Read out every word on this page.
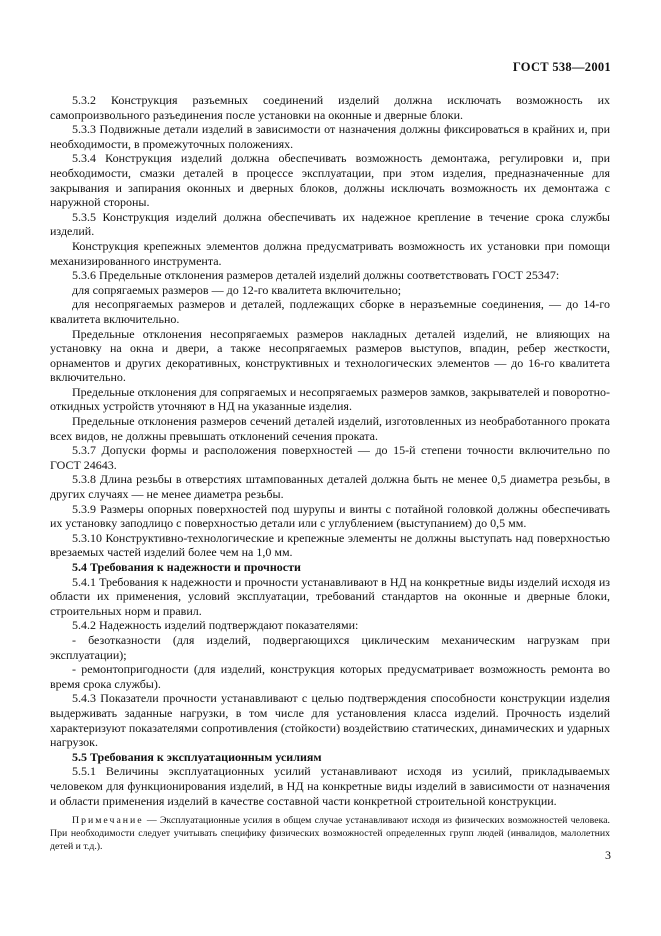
ГОСТ 538—2001

5.3.2 Конструкция разъемных соединений изделий должна исключать возможность их самопроизвольного разъединения после установки на оконные и дверные блоки.

5.3.3 Подвижные детали изделий в зависимости от назначения должны фиксироваться в крайних и, при необходимости, в промежуточных положениях.

5.3.4 Конструкция изделий должна обеспечивать возможность демонтажа, регулировки и, при необходимости, смазки деталей в процессе эксплуатации, при этом изделия, предназначенные для закрывания и запирания оконных и дверных блоков, должны исключать возможность их демонтажа с наружной стороны.

5.3.5 Конструкция изделий должна обеспечивать их надежное крепление в течение срока службы изделий.

Конструкция крепежных элементов должна предусматривать возможность их установки при помощи механизированного инструмента.

5.3.6 Предельные отклонения размеров деталей изделий должны соответствовать ГОСТ 25347:

для сопрягаемых размеров — до 12-го квалитета включительно;

для несопрягаемых размеров и деталей, подлежащих сборке в неразъемные соединения, — до 14-го квалитета включительно.

Предельные отклонения несопрягаемых размеров накладных деталей изделий, не влияющих на установку на окна и двери, а также несопрягаемых размеров выступов, впадин, ребер жесткости, орнаментов и других декоративных, конструктивных и технологических элементов — до 16-го квалитета включительно.

Предельные отклонения для сопрягаемых и несопрягаемых размеров замков, закрывателей и поворотно-откидных устройств уточняют в НД на указанные изделия.

Предельные отклонения размеров сечений деталей изделий, изготовленных из необработанного проката всех видов, не должны превышать отклонений сечения проката.

5.3.7 Допуски формы и расположения поверхностей — до 15-й степени точности включительно по ГОСТ 24643.

5.3.8 Длина резьбы в отверстиях штампованных деталей должна быть не менее 0,5 диаметра резьбы, в других случаях — не менее диаметра резьбы.

5.3.9 Размеры опорных поверхностей под шурупы и винты с потайной головкой должны обеспечивать их установку заподлицо с поверхностью детали или с углублением (выступанием) до 0,5 мм.

5.3.10 Конструктивно-технологические и крепежные элементы не должны выступать над поверхностью врезаемых частей изделий более чем на 1,0 мм.

5.4 Требования к надежности и прочности

5.4.1 Требования к надежности и прочности устанавливают в НД на конкретные виды изделий исходя из области их применения, условий эксплуатации, требований стандартов на оконные и дверные блоки, строительных норм и правил.

5.4.2 Надежность изделий подтверждают показателями:

- безотказности (для изделий, подвергающихся циклическим механическим нагрузкам при эксплуатации);

- ремонтопригодности (для изделий, конструкция которых предусматривает возможность ремонта во время срока службы).

5.4.3 Показатели прочности устанавливают с целью подтверждения способности конструкции изделия выдерживать заданные нагрузки, в том числе для установления класса изделий. Прочность изделий характеризуют показателями сопротивления (стойкости) воздействию статических, динамических и ударных нагрузок.

5.5 Требования к эксплуатационным усилиям

5.5.1 Величины эксплуатационных усилий устанавливают исходя из усилий, прикладываемых человеком для функционирования изделий, в НД на конкретные виды изделий в зависимости от назначения и области применения изделий в качестве составной части конкретной строительной конструкции.

Примечание — Эксплуатационные усилия в общем случае устанавливают исходя из физических возможностей человека. При необходимости следует учитывать специфику физических возможностей определенных групп людей (инвалидов, малолетних детей и т.д.).

3
